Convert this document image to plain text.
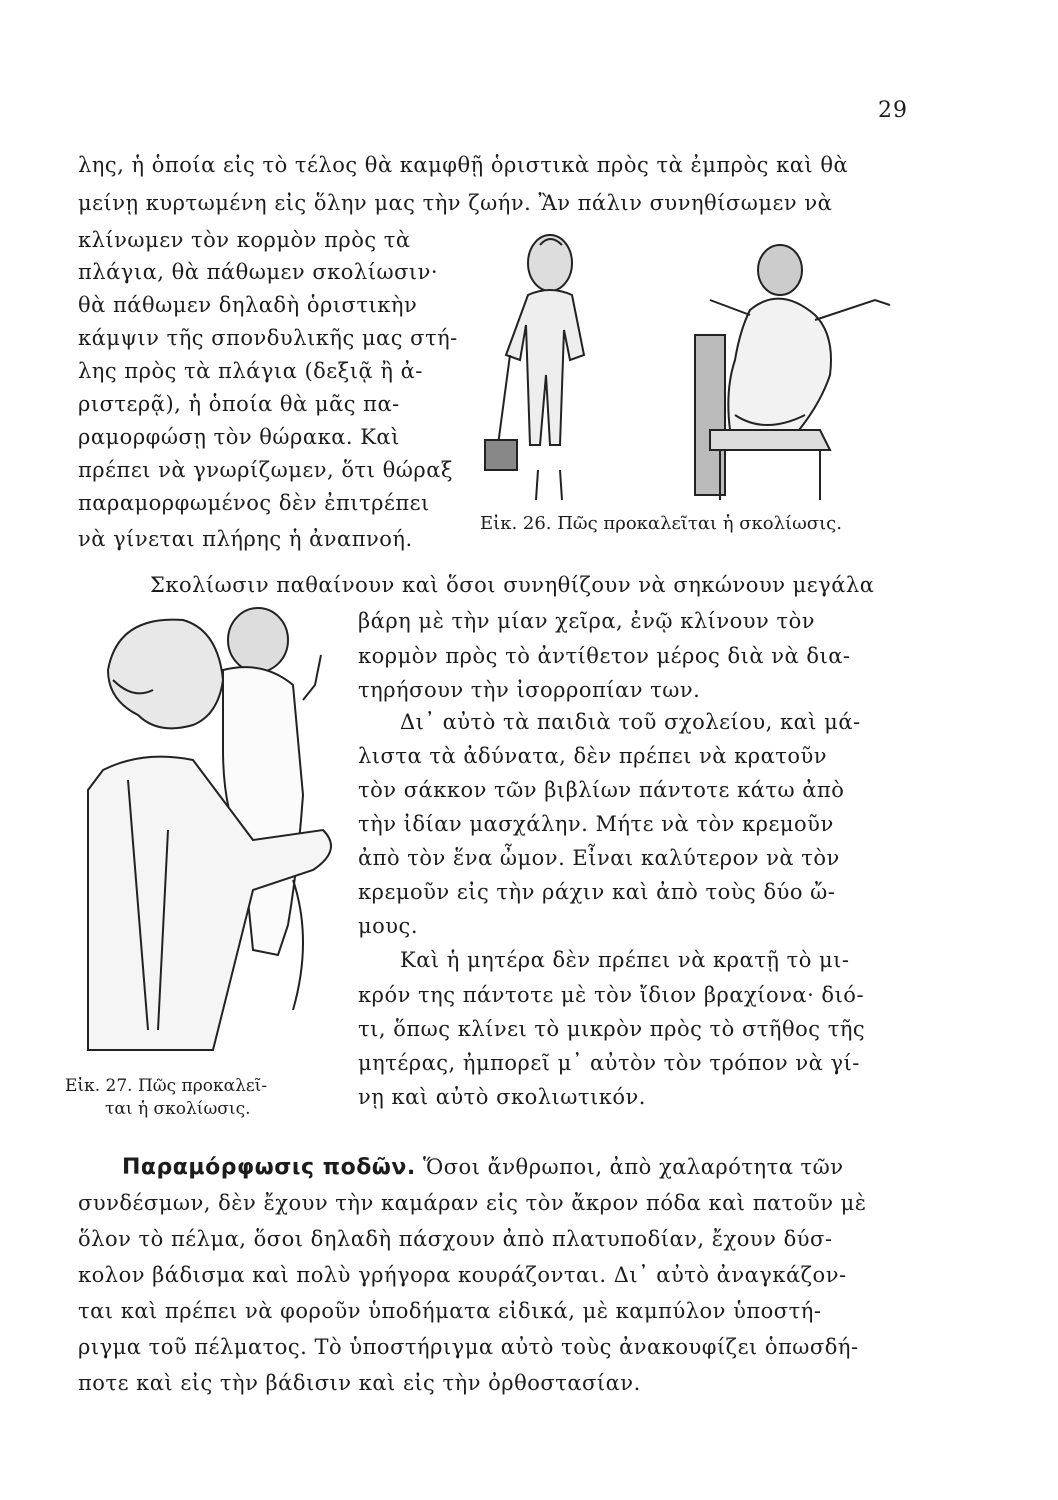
29
λης, ἡ ὁποία εἰς τὸ τέλος θὰ καμφθῇ ὁριστικὰ πρὸς τὰ ἐμπρὸς καὶ θὰ
μείνῃ κυρτωμένη εἰς ὅλην μας τὴν ζωήν. Ἂν πάλιν συνηθίσωμεν νὰ
κλίνωμεν τὸν κορμὸν πρὸς τὰ
πλάγια, θὰ πάθωμεν σκολίωσιν·
θὰ πάθωμεν δηλαδὴ ὁριστικὴν
κάμψιν τῆς σπονδυλικῆς μας στή-
λης πρὸς τὰ πλάγια (δεξιᾷ ἢ ἀ-
ριστερᾷ), ἡ ὁποία θὰ μᾶς πα-
ραμορφώσῃ τὸν θώρακα. Καὶ
πρέπει νὰ γνωρίζωμεν, ὅτι θώραξ
παραμορφωμένος δὲν ἐπιτρέπει
νὰ γίνεται πλήρης ἡ ἀναπνοή.
Εἰκ. 26. Πῶς προκαλεῖται ἡ σκολίωσις.
Σκολίωσιν παθαίνουν καὶ ὅσοι συνηθίζουν νὰ σηκώνουν μεγάλα
Εἰκ. 27. Πῶς προκαλεῖ-
ται ἡ σκολίωσις.
βάρη μὲ τὴν μίαν χεῖρα, ἐνῷ κλίνουν τὸν
κορμὸν πρὸς τὸ ἀντίθετον μέρος διὰ νὰ δια-
τηρήσουν τὴν ἰσορροπίαν των.
Δι᾽ αὐτὸ τὰ παιδιὰ τοῦ σχολείου, καὶ μά-
λιστα τὰ ἀδύνατα, δὲν πρέπει νὰ κρατοῦν
τὸν σάκκον τῶν βιβλίων πάντοτε κάτω ἀπὸ
τὴν ἰδίαν μασχάλην. Μήτε νὰ τὸν κρεμοῦν
ἀπὸ τὸν ἕνα ὦμον. Εἶναι καλύτερον νὰ τὸν
κρεμοῦν εἰς τὴν ράχιν καὶ ἀπὸ τοὺς δύο ὤ-
μους.
Καὶ ἡ μητέρα δὲν πρέπει νὰ κρατῇ τὸ μι-
κρόν της πάντοτε μὲ τὸν ἴδιον βραχίονα· διό-
τι, ὅπως κλίνει τὸ μικρὸν πρὸς τὸ στῆθος τῆς
μητέρας, ἠμπορεῖ μ᾽ αὐτὸν τὸν τρόπον νὰ γί-
νῃ καὶ αὐτὸ σκολιωτικόν.
Παραμόρφωσις ποδῶν. Ὅσοι ἄνθρωποι, ἀπὸ χαλαρότητα τῶν
συνδέσμων, δὲν ἔχουν τὴν καμάραν εἰς τὸν ἄκρον πόδα καὶ πατοῦν μὲ
ὅλον τὸ πέλμα, ὅσοι δηλαδὴ πάσχουν ἀπὸ πλατυποδίαν, ἔχουν δύσ-
κολον βάδισμα καὶ πολὺ γρήγορα κουράζονται. Δι᾽ αὐτὸ ἀναγκάζον-
ται καὶ πρέπει νὰ φοροῦν ὑποδήματα εἰδικά, μὲ καμπύλον ὑποστή-
ριγμα τοῦ πέλματος. Τὸ ὑποστήριγμα αὐτὸ τοὺς ἀνακουφίζει ὁπωσδή-
ποτε καὶ εἰς τὴν βάδισιν καὶ εἰς τὴν ὀρθοστασίαν.
